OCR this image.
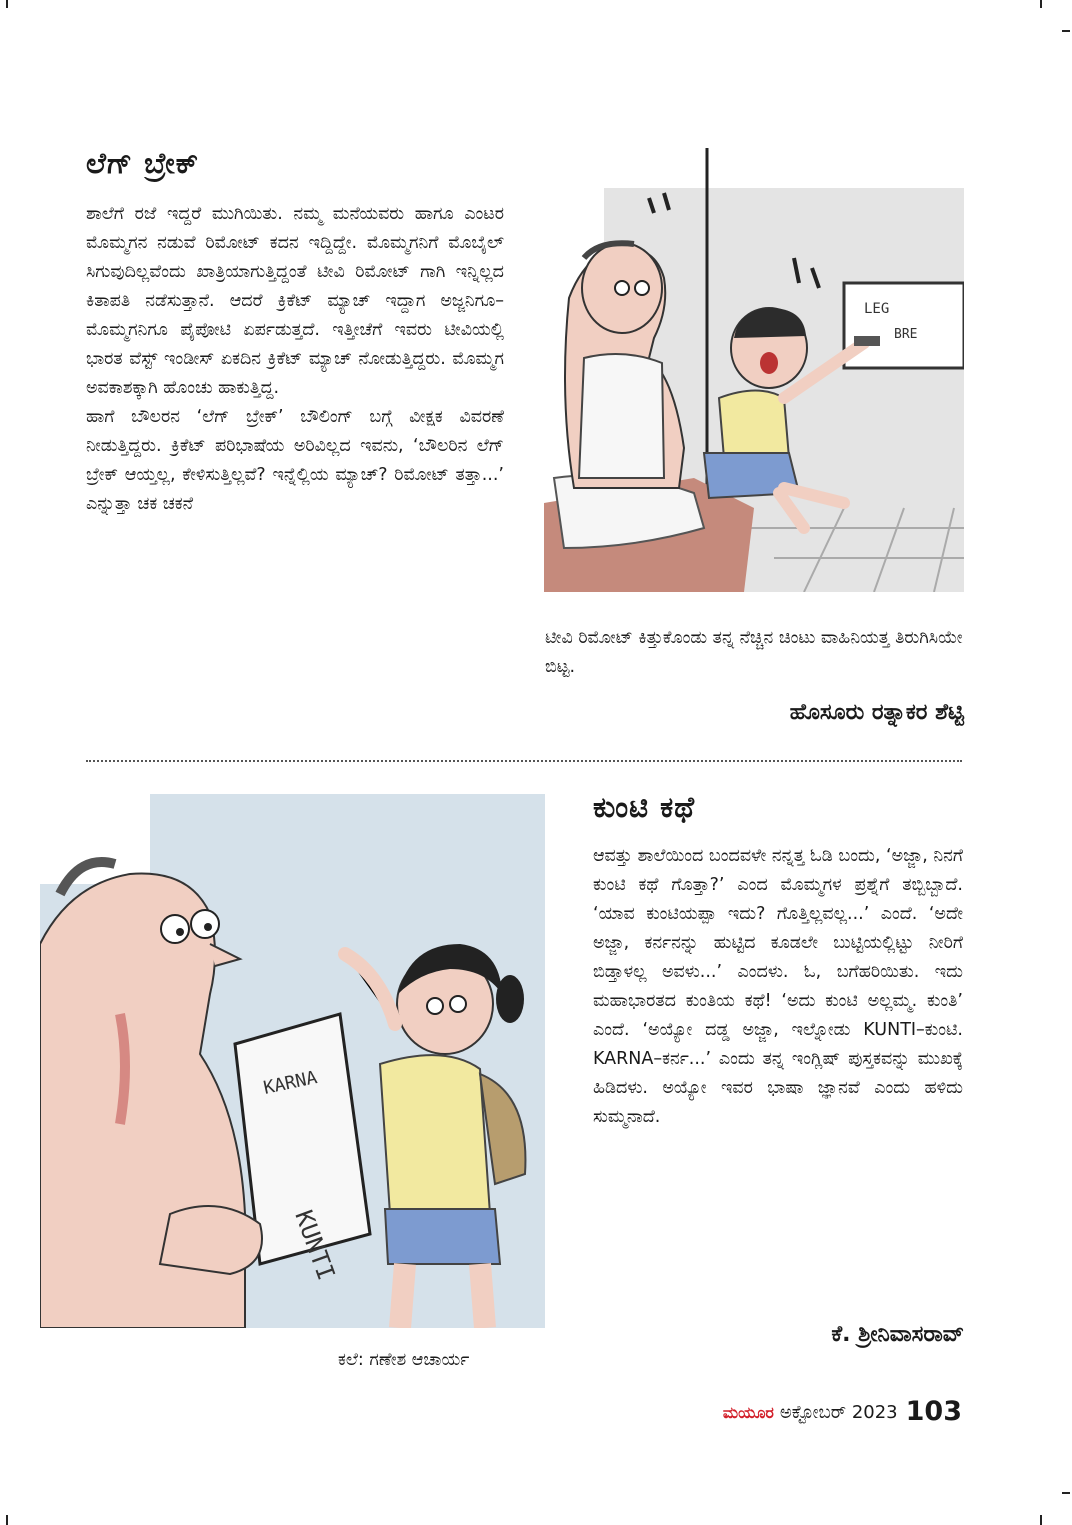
ಲೆಗ್ ಬ್ರೇಕ್

ಶಾಲೆಗೆ ರಜೆ ಇದ್ದರೆ ಮುಗಿಯಿತು. ನಮ್ಮ ಮನೆಯವರು ಹಾಗೂ ಎಂಟರ ಮೊಮ್ಮಗನ ನಡುವೆ ರಿಮೋಟ್ ಕದನ ಇದ್ದಿದ್ದೇ. ಮೊಮ್ಮಗನಿಗೆ ಮೊಬೈಲ್ ಸಿಗುವುದಿಲ್ಲವೆಂದು ಖಾತ್ರಿಯಾಗುತ್ತಿದ್ದಂತೆ ಟೀವಿ ರಿಮೋಟ್ ಗಾಗಿ ಇನ್ನಿಲ್ಲದ ಕಿತಾಪತಿ ನಡೆಸುತ್ತಾನೆ. ಆದರೆ ಕ್ರಿಕೆಟ್ ಮ್ಯಾಚ್ ಇದ್ದಾಗ ಅಜ್ಜನಿಗೂ– ಮೊಮ್ಮಗನಿಗೂ ಪೈಪೋಟಿ ಏರ್ಪಡುತ್ತದೆ. ಇತ್ತೀಚೆಗೆ ಇವರು ಟೀವಿಯಲ್ಲಿ ಭಾರತ ವೆಸ್ಟ್ ಇಂಡೀಸ್ ಏಕದಿನ ಕ್ರಿಕೆಟ್ ಮ್ಯಾಚ್ ನೋಡುತ್ತಿದ್ದರು. ಮೊಮ್ಮಗ ಅವಕಾಶಕ್ಕಾಗಿ ಹೊಂಚು ಹಾಕುತ್ತಿದ್ದ.

ಹಾಗೆ ಬೌಲರನ ‘ಲೆಗ್ ಬ್ರೇಕ್’ ಬೌಲಿಂಗ್ ಬಗ್ಗೆ ವೀಕ್ಷಕ ವಿವರಣೆ ನೀಡುತ್ತಿದ್ದರು. ಕ್ರಿಕೆಟ್ ಪರಿಭಾಷೆಯ ಅರಿವಿಲ್ಲದ ಇವನು, ‘ಬೌಲರಿನ ಲೆಗ್ ಬ್ರೇಕ್ ಆಯ್ತಲ್ಲ, ಕೇಳಿಸುತ್ತಿಲ್ಲವೆ? ಇನ್ನೆಲ್ಲಿಯ ಮ್ಯಾಚ್? ರಿಮೋಟ್ ತತ್ತಾ...’ ಎನ್ನುತ್ತಾ ಚಕ ಚಕನೆ

LEG
BRE

ಟೀವಿ ರಿಮೋಟ್ ಕಿತ್ತುಕೊಂಡು ತನ್ನ ನೆಚ್ಚಿನ ಚಿಂಟು ವಾಹಿನಿಯತ್ತ ತಿರುಗಿಸಿಯೇ ಬಿಟ್ಟ.

ಹೊಸೂರು ರತ್ನಾಕರ ಶೆಟ್ಟಿ
ಕುಂಟಿ ಕಥೆ

ಆವತ್ತು ಶಾಲೆಯಿಂದ ಬಂದವಳೇ ನನ್ನತ್ತ ಓಡಿ ಬಂದು, ‘ಅಜ್ಜಾ, ನಿನಗೆ ಕುಂಟಿ ಕಥೆ ಗೊತ್ತಾ?’ ಎಂದ ಮೊಮ್ಮಗಳ ಪ್ರಶ್ನೆಗೆ ತಬ್ಬಿಬ್ಬಾದೆ. ‘ಯಾವ ಕುಂಟಿಯಪ್ಪಾ ಇದು? ಗೊತ್ತಿಲ್ಲವಲ್ಲ...’ ಎಂದೆ. ‘ಅದೇ ಅಜ್ಜಾ, ಕರ್ನನನ್ನು ಹುಟ್ಟಿದ ಕೂಡಲೇ ಬುಟ್ಟಿಯಲ್ಲಿಟ್ಟು ನೀರಿಗೆ ಬಿಡ್ತಾಳಲ್ಲ ಅವಳು...’ ಎಂದಳು. ಓ, ಬಗೆಹರಿಯಿತು. ಇದು ಮಹಾಭಾರತದ ಕುಂತಿಯ ಕಥೆ! ‘ಅದು ಕುಂಟಿ ಅಲ್ಲಮ್ಮ. ಕುಂತಿ’ ಎಂದೆ. ‘ಅಯ್ಯೋ ದಡ್ಡ ಅಜ್ಜಾ, ಇಲ್ನೋಡು KUNTI–ಕುಂಟಿ. KARNA–ಕರ್ನ...’ ಎಂದು ತನ್ನ ಇಂಗ್ಲಿಷ್ ಪುಸ್ತಕವನ್ನು ಮುಖಕ್ಕೆ ಹಿಡಿದಳು. ಅಯ್ಯೋ ಇವರ ಭಾಷಾ ಜ್ಞಾನವೆ ಎಂದು ಹಳಿದು ಸುಮ್ಮನಾದೆ.

KARNA
KUNTI
ಕಲೆ: ಗಣೇಶ ಆಚಾರ್ಯ
ಕೆ. ಶ್ರೀನಿವಾಸರಾವ್
ಮಯೂರ ಅಕ್ಟೋಬರ್ 2023 103
